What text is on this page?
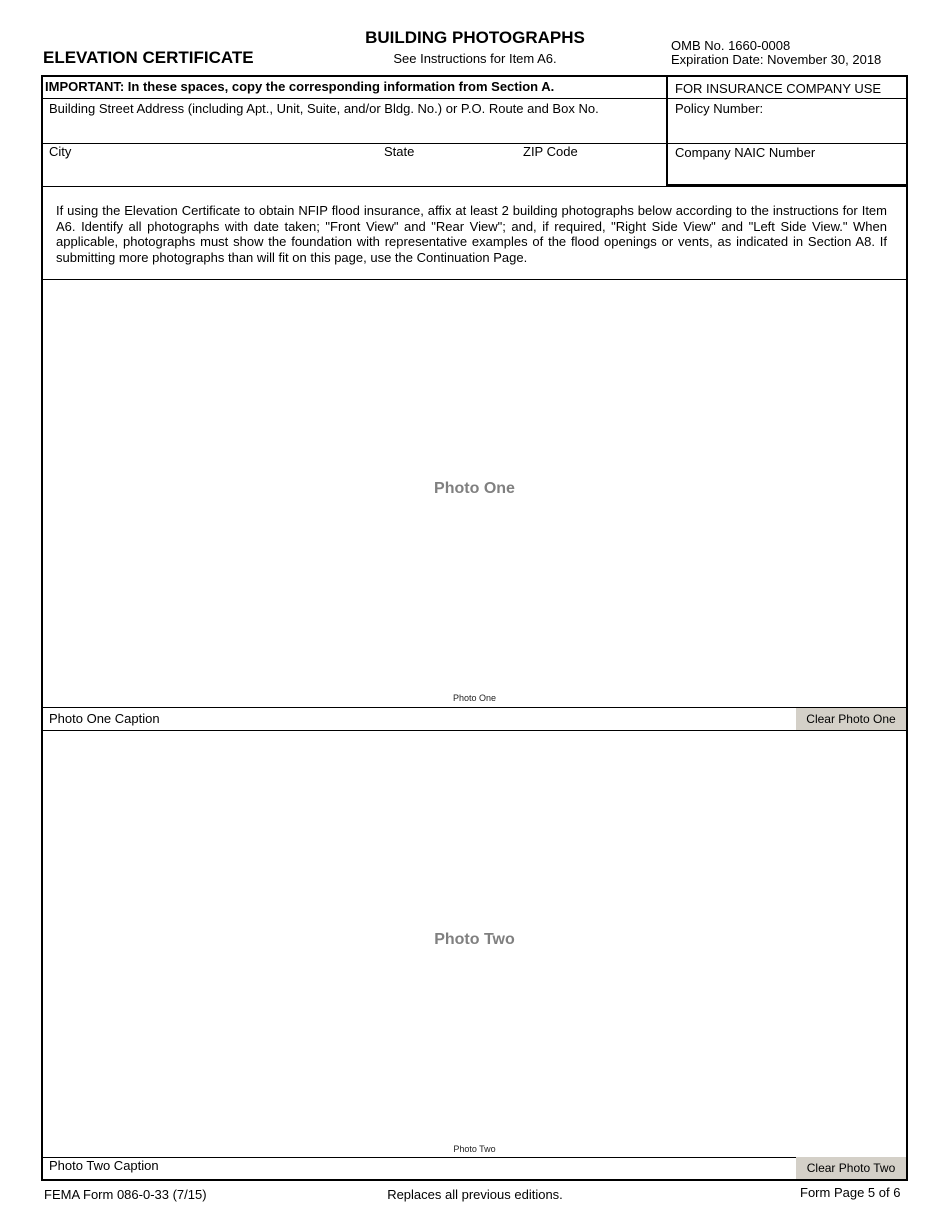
ELEVATION CERTIFICATE
BUILDING PHOTOGRAPHS
See Instructions for Item A6.
OMB No. 1660-0008
Expiration Date: November 30, 2018
IMPORTANT: In these spaces, copy the corresponding information from Section A.
Building Street Address (including Apt., Unit, Suite, and/or Bldg. No.) or P.O. Route and Box No.
City	State	ZIP Code
FOR INSURANCE COMPANY USE
Policy Number:
Company NAIC Number
If using the Elevation Certificate to obtain NFIP flood insurance, affix at least 2 building photographs below according to the instructions for Item A6. Identify all photographs with date taken; "Front View" and "Rear View"; and, if required, "Right Side View" and "Left Side View." When applicable, photographs must show the foundation with representative examples of the flood openings or vents, as indicated in Section A8. If submitting more photographs than will fit on this page, use the Continuation Page.
Photo One
Photo One
Photo One Caption	Clear Photo One
Photo Two
Photo Two
Photo Two Caption	Clear Photo Two
FEMA Form 086-0-33 (7/15)	Replaces all previous editions.	Form Page 5 of 6
